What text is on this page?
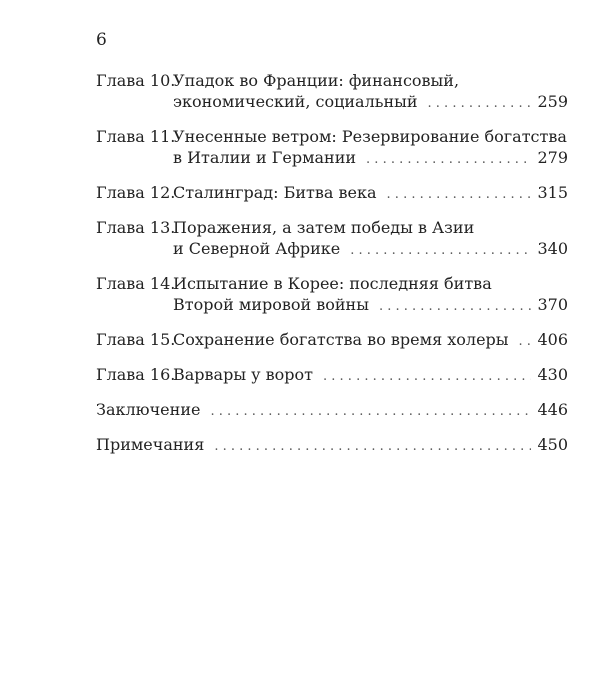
6
Глава 10.
Упадок во Франции: финансовый,
экономический, социальный . . .	259
Глава 11.
Унесенные ветром: Резервирование богатства
в Италии и Германии . . .	279
Глава 12.
Сталинград: Битва века . . .	315
Глава 13.
Поражения, а затем победы в Азии
и Северной Африке . . .	340
Глава 14.
Испытание в Корее: последняя битва
Второй мировой войны . . .	370
Глава 15.
Сохранение богатства во время холеры . . . 406
Глава 16.
Варвары у ворот . . .	430
Заключение . . .	446
Примечания . . .	450
